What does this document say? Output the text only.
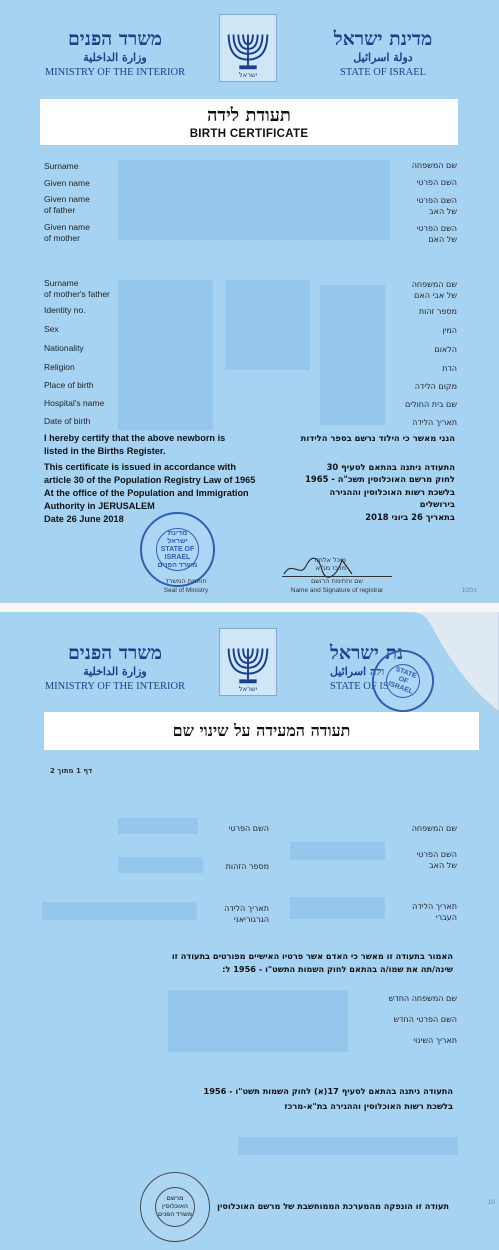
משרד הפנים
وزارة الداخلية
MINISTRY OF THE INTERIOR	ישראל
מדינת ישראל
دولة اسرائيل
STATE OF ISRAEL
תעודת לידה
BIRTH CERTIFICATE
Surname	שם המשפחה
Given name	השם הפרטי
Given name
of father
השם הפרטי
של האב
Given name
of mother
השם הפרטי
של האם
Surname
of mother's father
שם המשפחה
של אבי האם
Identity no.	מספר זהות
Sex	המין
Nationality	הלאום
Religion	הדת
Place of birth	מקום הלידה
Hospital's name	שם בית החולים
Date of birth	תאריך הלידה
I hereby certify that the above newborn is
listed in the Births Register.
This certificate is issued in accordance with
article 30 of the Population Registry Law of 1965
At the office of the Population and Immigration
Authority in JERUSALEM
Date 26 June 2018
הנני מאשר כי הילוד נרשם בספר הלידות
התעודה ניתנה בהתאם לסעיף 30
לחוק מרשם האוכלוסין תשכ"ה - 1965
בלשכת רשות האוכלוסין וההגירה
בירושלים
בתאריך 26 ביוני 2018
מדינת ישראל
STATE OF ISRAEL
משרד הפנים
חותמת המשרד
Seal of Ministry
מיכל אלחזר
מרכז מנ"א
שם וחתימת הרושם
Name and Signature of registrar	כל/10
משרד הפנים
وزارة الداخلية
MINISTRY OF THE INTERIOR	ישראל
נת ישראל
ולה اسرائيل
STATE OF IS
STATE OF ISRAEL
תעודה המעידה על שינוי שם
דף 1 מתוך 2
השם הפרטי
מספר הזהות
תאריך הלידה
הגרגוריאני
שם המשפחה
השם הפרטי
של האב
תאריך הלידה
העברי
האמור בתעודה זו מאשר כי האדם אשר פרטיו האישיים מפורטים בתעודה זו
שינה/תה את שמו/ה בהתאם לחוק השמות התשט"ו - 1956 ל:
שם המשפחה החדש
השם הפרטי החדש
תאריך השינוי
התעודה ניתנה בהתאם לסעיף 17(א) לחוק השמות תשט"ו - 1956
בלשכת רשות האוכלוסין וההגירה בת"א-מרכז
מרשם האוכלוסין
משרד הפנים
תעודה זו הונפקה מהמערכת הממוחשבת של מרשם האוכלוסין	10
